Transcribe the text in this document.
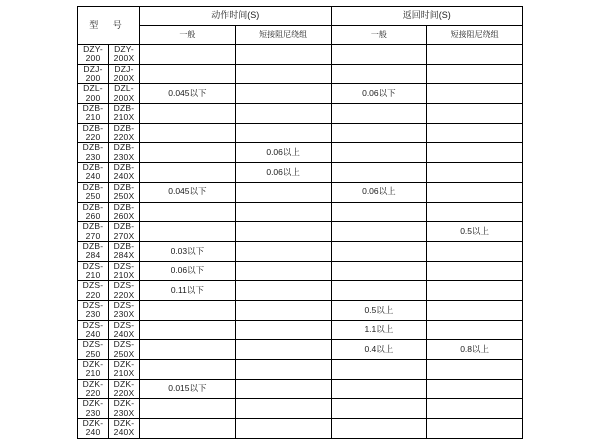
型 号		动作时间(S)		返回时间(S)	
		一般	短接阻尼绕组	一般	短接阻尼绕组
DZY-200	DZY-200X				
DZJ-200	DZJ-200X				
DZL-200	DZL-200X	0.045以下		0.06以下	
DZB-210	DZB-210X				
DZB-220	DZB-220X				
DZB-230	DZB-230X		0.06以上		
DZB-240	DZB-240X		0.06以上		
DZB-250	DZB-250X	0.045以下		0.06以上	
DZB-260	DZB-260X				
DZB-270	DZB-270X				0.5以上
DZB-284	DZB-284X	0.03以下			
DZS-210	DZS-210X	0.06以下			
DZS-220	DZS-220X	0.11以下			
DZS-230	DZS-230X			0.5以上	
DZS-240	DZS-240X			1.1以上	
DZS-250	DZS-250X			0.4以上	0.8以上
DZK-210	DZK-210X				
DZK-220	DZK-220X	0.015以下			
DZK-230	DZK-230X				
DZK-240	DZK-240X				
